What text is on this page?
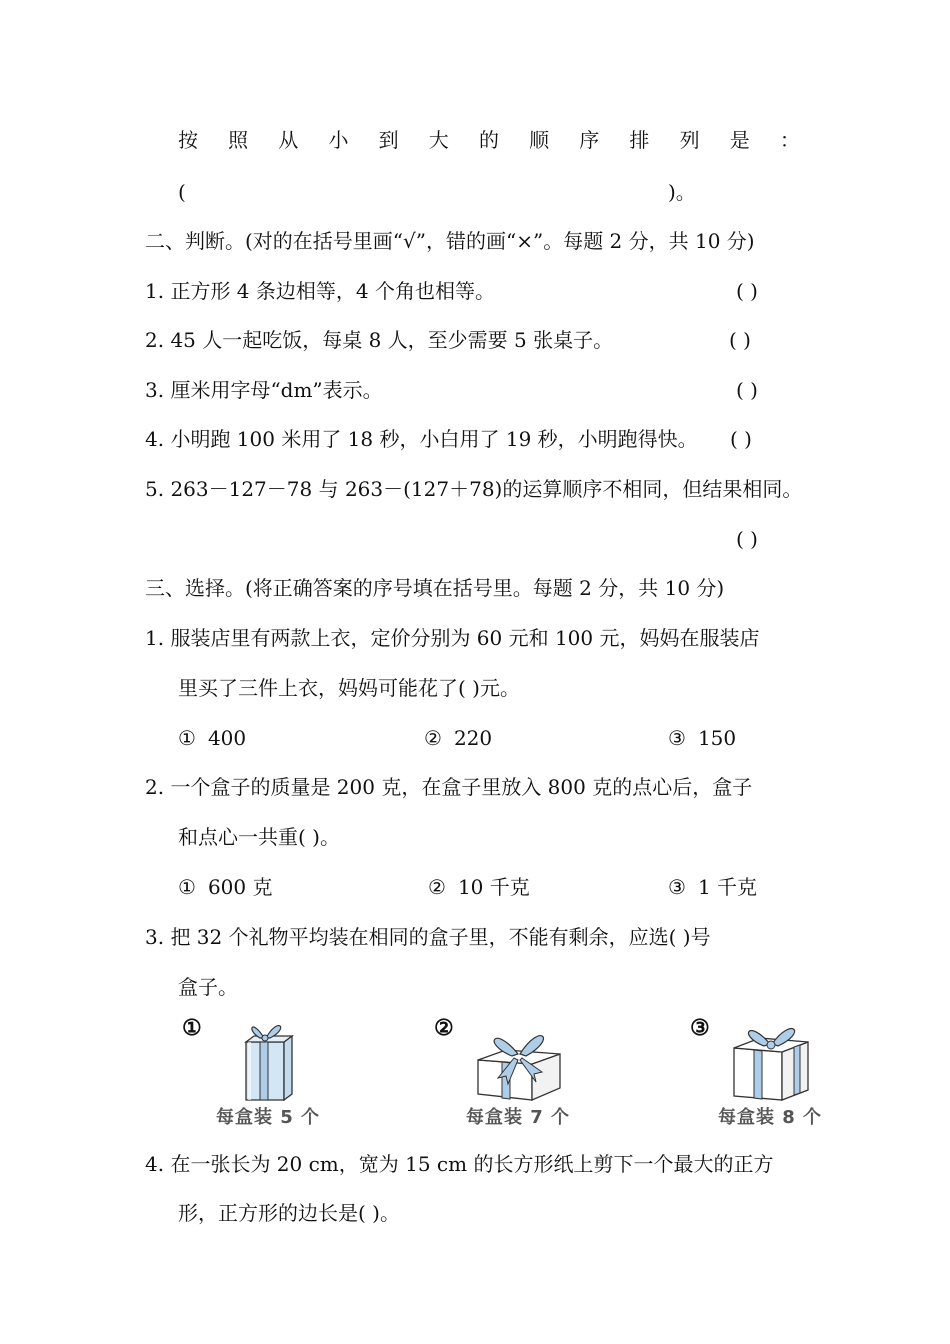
按 照 从 小 到 大 的 顺 序 排 列 是 ：
(	)。
二、判断。(对的在括号里画“√”，错的画“×”。每题 2 分，共 10 分)
1. 正方形 4 条边相等，4 个角也相等。	( )
2. 45 人一起吃饭，每桌 8 人，至少需要 5 张桌子。	( )
3. 厘米用字母“dm”表示。	( )
4. 小明跑 100 米用了 18 秒，小白用了 19 秒，小明跑得快。 ( )
5. 263－127－78 与 263－(127＋78)的运算顺序不相同，但结果相同。
( )
三、选择。(将正确答案的序号填在括号里。每题 2 分，共 10 分)
1. 服装店里有两款上衣，定价分别为 60 元和 100 元，妈妈在服装店
里买了三件上衣，妈妈可能花了( )元。
① 400	② 220	③ 150
2. 一个盒子的质量是 200 克，在盒子里放入 800 克的点心后，盒子
和点心一共重( )。
① 600 克	② 10 千克	③ 1 千克
3. 把 32 个礼物平均装在相同的盒子里，不能有剩余，应选( )号
盒子。
①
每盒装 5 个
②
每盒装 7 个
③
每盒装 8 个
4. 在一张长为 20 cm，宽为 15 cm 的长方形纸上剪下一个最大的正方
形，正方形的边长是( )。
